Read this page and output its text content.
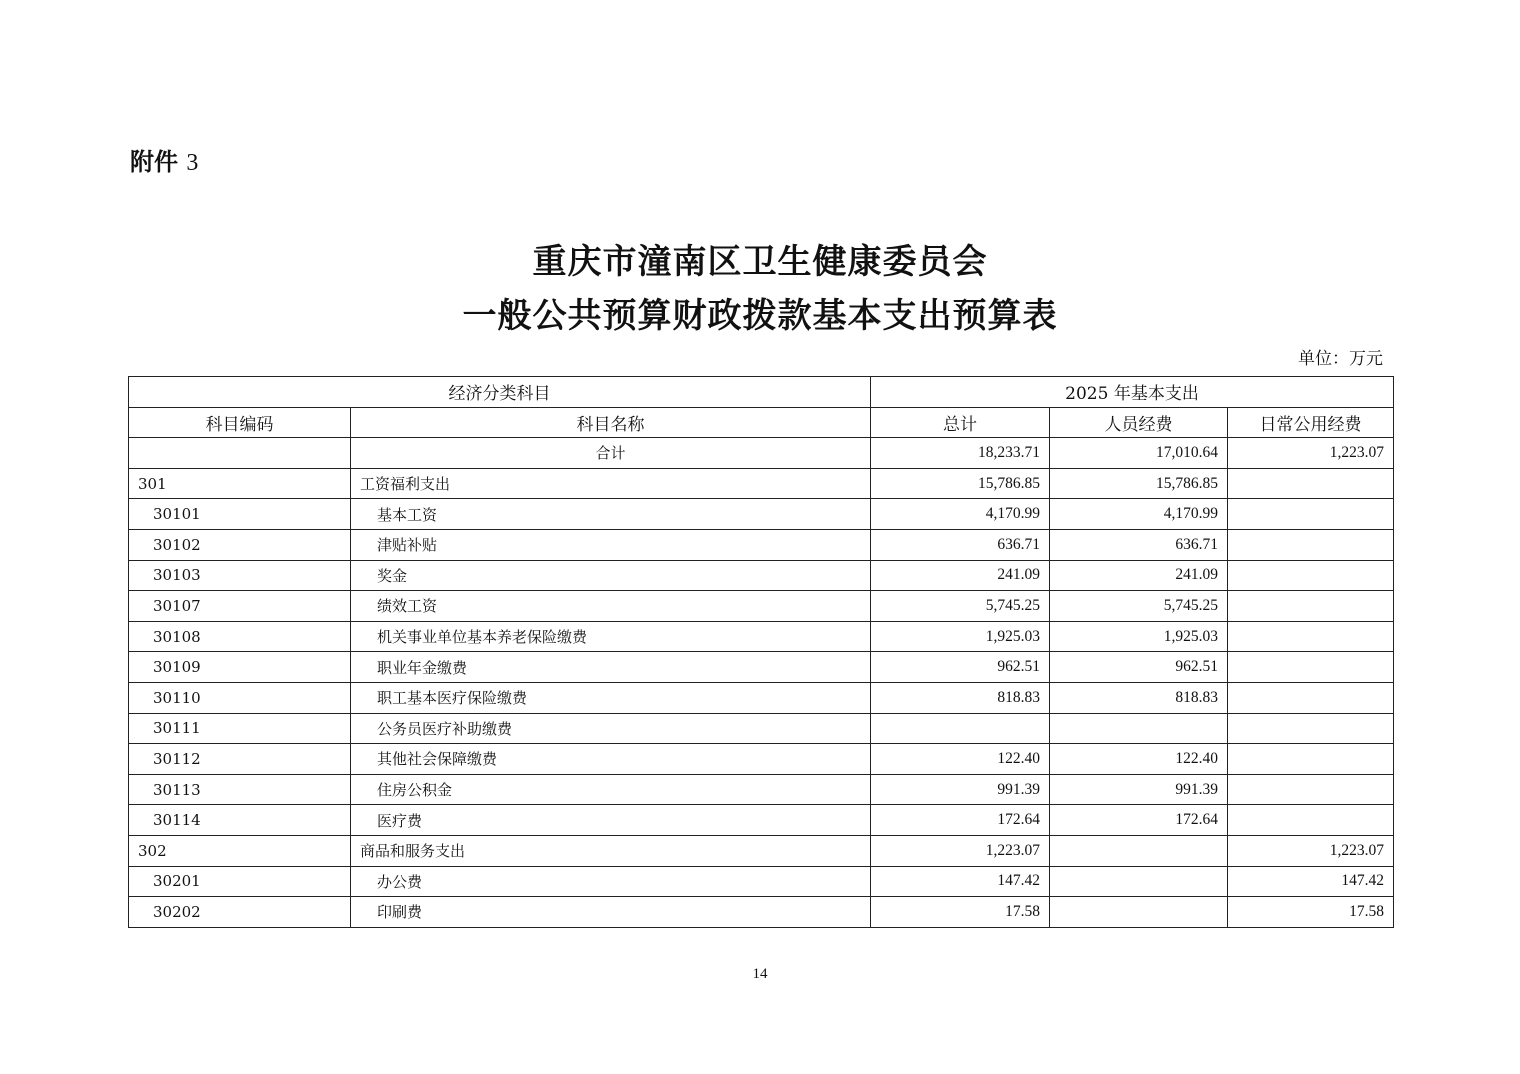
附件 3
重庆市潼南区卫生健康委员会
一般公共预算财政拨款基本支出预算表
单位：万元
经济分类科目		2025 年基本支出		
科目编码	科目名称	总计	人员经费	日常公用经费
	合计	18,233.71	17,010.64	1,223.07
301	工资福利支出	15,786.85	15,786.85	
30101	基本工资	4,170.99	4,170.99	
30102	津贴补贴	636.71	636.71	
30103	奖金	241.09	241.09	
30107	绩效工资	5,745.25	5,745.25	
30108	机关事业单位基本养老保险缴费	1,925.03	1,925.03	
30109	职业年金缴费	962.51	962.51	
30110	职工基本医疗保险缴费	818.83	818.83	
30111	公务员医疗补助缴费			
30112	其他社会保障缴费	122.40	122.40	
30113	住房公积金	991.39	991.39	
30114	医疗费	172.64	172.64	
302	商品和服务支出	1,223.07		1,223.07
30201	办公费	147.42		147.42
30202	印刷费	17.58		17.58
14
